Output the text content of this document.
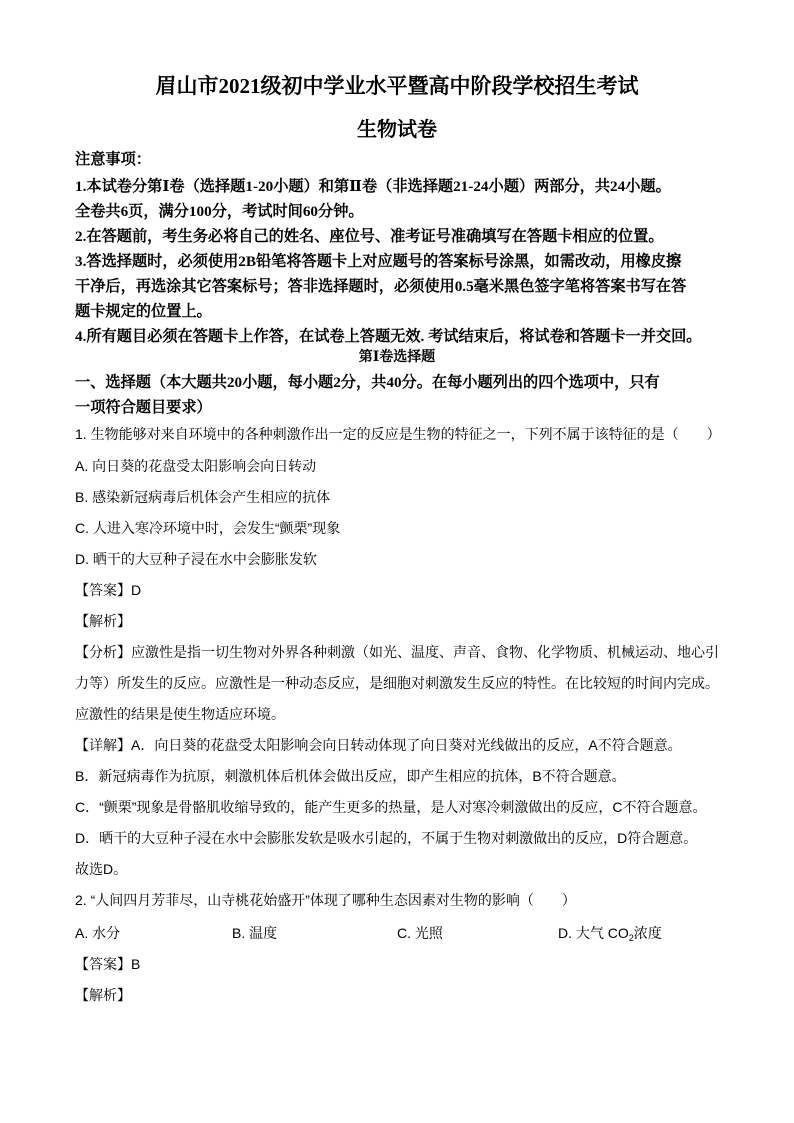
眉山市2021级初中学业水平暨高中阶段学校招生考试
生物试卷
注意事项：
1.本试卷分第Ⅰ卷（选择题1-20小题）和第Ⅱ卷（非选择题21-24小题）两部分，共24小题。
全卷共6页，满分100分，考试时间60分钟。
2.在答题前，考生务必将自己的姓名、座位号、准考证号准确填写在答题卡相应的位置。
3.答选择题时，必须使用2B铅笔将答题卡上对应题号的答案标号涂黑，如需改动，用橡皮擦
干净后，再选涂其它答案标号；答非选择题时，必须使用0.5毫米黑色签字笔将答案书写在答
题卡规定的位置上。
4.所有题目必须在答题卡上作答，在试卷上答题无效. 考试结束后，将试卷和答题卡一并交回。
第Ⅰ卷选择题
一、选择题（本大题共20小题，每小题2分，共40分。在每小题列出的四个选项中，只有
一项符合题目要求）
1. 生物能够对来自环境中的各种刺激作出一定的反应是生物的特征之一，下列不属于该特征的是（　　）
A. 向日葵的花盘受太阳影响会向日转动
B. 感染新冠病毒后机体会产生相应的抗体
C. 人进入寒冷环境中时，会发生“颤栗”现象
D. 晒干的大豆种子浸在水中会膨胀发软
【答案】D
【解析】
【分析】应激性是指一切生物对外界各种刺激（如光、温度、声音、食物、化学物质、机械运动、地心引
力等）所发生的反应。应激性是一种动态反应，是细胞对刺激发生反应的特性。在比较短的时间内完成。
应激性的结果是使生物适应环境。
【详解】A．向日葵的花盘受太阳影响会向日转动体现了向日葵对光线做出的反应，A不符合题意。
B．新冠病毒作为抗原，刺激机体后机体会做出反应，即产生相应的抗体，B不符合题意。
C．“颤栗”现象是骨骼肌收缩导致的，能产生更多的热量，是人对寒冷刺激做出的反应，C不符合题意。
D．晒干的大豆种子浸在水中会膨胀发软是吸水引起的，不属于生物对刺激做出的反应，D符合题意。
故选D。
2. “人间四月芳菲尽，山寺桃花始盛开”体现了哪种生态因素对生物的影响（　　）
A. 水分	B. 温度	C. 光照	D. 大气 $CO_2$浓度
【答案】B
【解析】
